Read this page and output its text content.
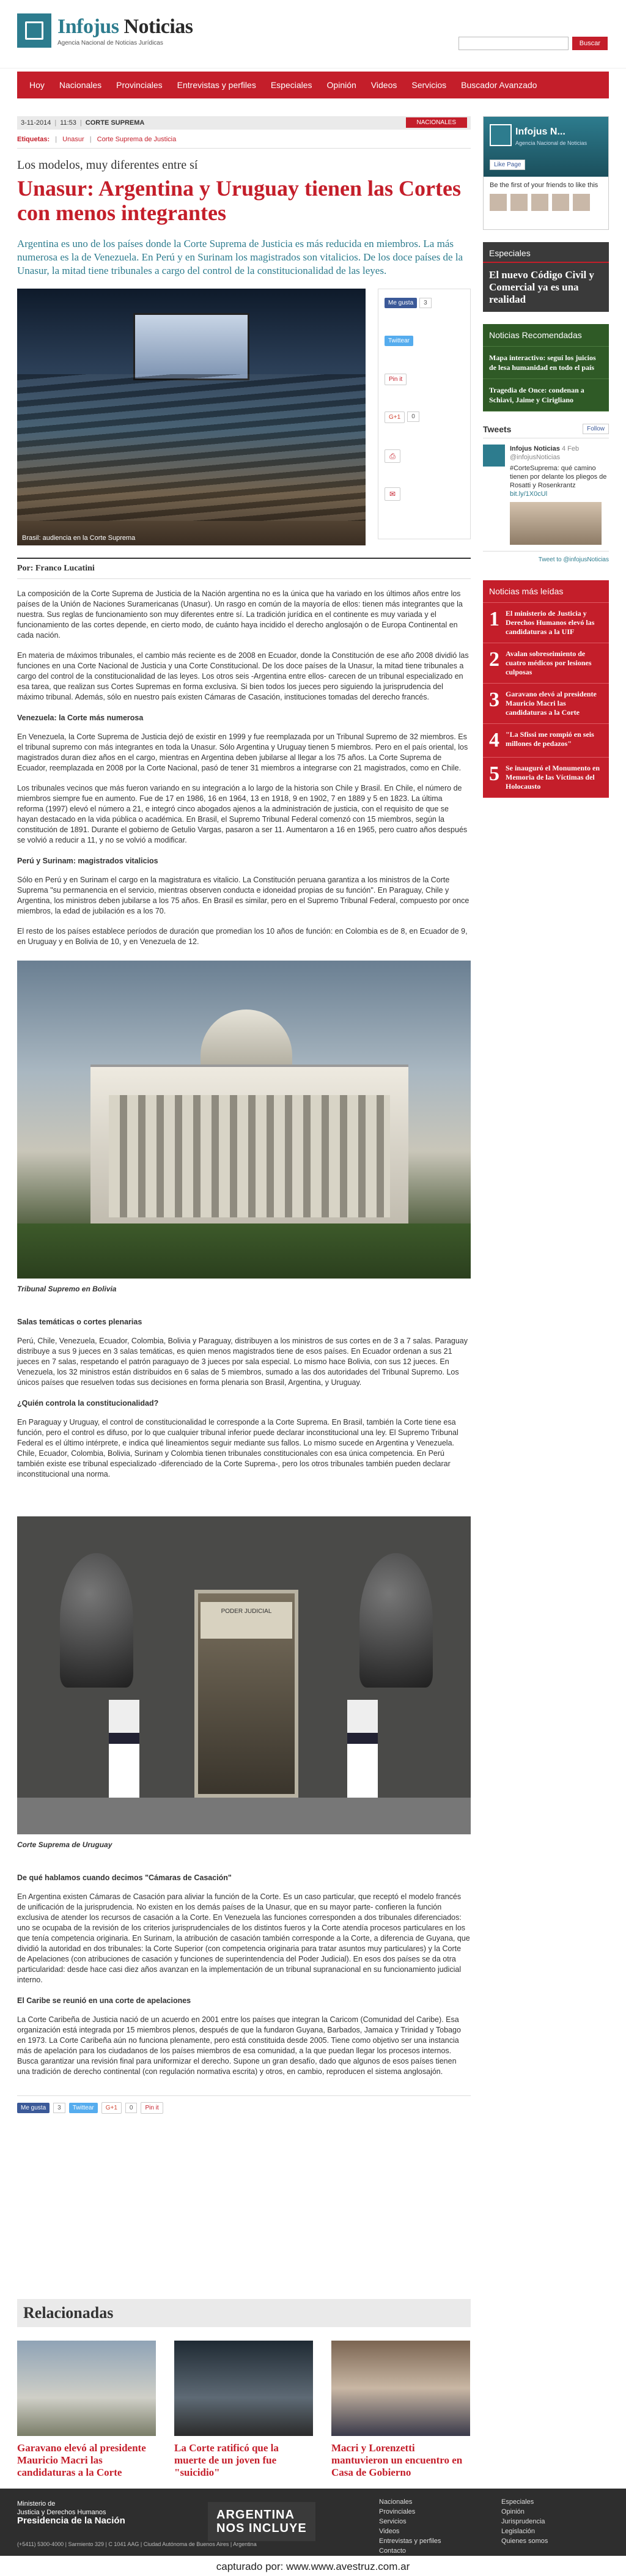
Infojus Noticias
Agencia Nacional de Noticias Jurídicas	Buscar
Hoy	Nacionales	Provinciales	Entrevistas y perfiles	Especiales	Opinión	Videos	Servicios	Buscador Avanzado
3-11-2014 | 11:53 | CORTE SUPREMA	NACIONALES
Etiquetas: | Unasur | Corte Suprema de Justicia
Los modelos, muy diferentes entre sí
Unasur: Argentina y Uruguay tienen las Cortes con menos integrantes
Argentina es uno de los países donde la Corte Suprema de Justicia es más reducida en miembros. La más numerosa es la de Venezuela. En Perú y en Surinam los magistrados son vitalicios. De los doce países de la Unasur, la mitad tiene tribunales a cargo del control de la constitucionalidad de las leyes.
Brasil: audiencia en la Corte Suprema
Me gusta	3
Twittear
Pin it
G+1	0
⎙
✉
Por: Franco Lucatini

La composición de la Corte Suprema de Justicia de la Nación argentina no es la única que ha variado en los últimos años entre los países de la Unión de Naciones Suramericanas (Unasur). Un rasgo en común de la mayoría de ellos: tienen más integrantes que la nuestra. Sus reglas de funcionamiento son muy diferentes entre sí. La tradición jurídica en el continente es muy variada y el funcionamiento de las cortes depende, en cierto modo, de cuánto haya incidido el derecho anglosajón o de Europa Continental en cada nación.

En materia de máximos tribunales, el cambio más reciente es de 2008 en Ecuador, donde la Constitución de ese año 2008 dividió las funciones en una Corte Nacional de Justicia y una Corte Constitucional. De los doce países de la Unasur, la mitad tiene tribunales a cargo del control de la constitucionalidad de las leyes. Los otros seis -Argentina entre ellos- carecen de un tribunal especializado en esa tarea, que realizan sus Cortes Supremas en forma exclusiva. Si bien todos los jueces pero siguiendo la jurisprudencia del máximo tribunal. Además, sólo en nuestro país existen Cámaras de Casación, instituciones tomadas del derecho francés.

Venezuela: la Corte más numerosa

En Venezuela, la Corte Suprema de Justicia dejó de existir en 1999 y fue reemplazada por un Tribunal Supremo de 32 miembros. Es el tribunal supremo con más integrantes en toda la Unasur. Sólo Argentina y Uruguay tienen 5 miembros. Pero en el país oriental, los magistrados duran diez años en el cargo, mientras en Argentina deben jubilarse al llegar a los 75 años. La Corte Suprema de Ecuador, reemplazada en 2008 por la Corte Nacional, pasó de tener 31 miembros a integrarse con 21 magistrados, como en Chile.

Los tribunales vecinos que más fueron variando en su integración a lo largo de la historia son Chile y Brasil. En Chile, el número de miembros siempre fue en aumento. Fue de 17 en 1986, 16 en 1964, 13 en 1918, 9 en 1902, 7 en 1889 y 5 en 1823. La última reforma (1997) elevó el número a 21, e integró cinco abogados ajenos a la administración de justicia, con el requisito de que se hayan destacado en la vida pública o académica. En Brasil, el Supremo Tribunal Federal comenzó con 15 miembros, según la constitución de 1891. Durante el gobierno de Getulio Vargas, pasaron a ser 11. Aumentaron a 16 en 1965, pero cuatro años después se volvió a reducir a 11, y no se volvió a modificar.

Perú y Surinam: magistrados vitalicios

Sólo en Perú y en Surinam el cargo en la magistratura es vitalicio. La Constitución peruana garantiza a los ministros de la Corte Suprema "su permanencia en el servicio, mientras observen conducta e idoneidad propias de su función". En Paraguay, Chile y Argentina, los ministros deben jubilarse a los 75 años. En Brasil es similar, pero en el Supremo Tribunal Federal, compuesto por once miembros, la edad de jubilación es a los 70.

El resto de los países establece períodos de duración que promedian los 10 años de función: en Colombia es de 8, en Ecuador de 9, en Uruguay y en Bolivia de 10, y en Venezuela de 12.

Tribunal Supremo en Bolivia
Salas temáticas o cortes plenarias

Perú, Chile, Venezuela, Ecuador, Colombia, Bolivia y Paraguay, distribuyen a los ministros de sus cortes en de 3 a 7 salas. Paraguay distribuye a sus 9 jueces en 3 salas temáticas, es quien menos magistrados tiene de esos países. En Ecuador ordenan a sus 21 jueces en 7 salas, respetando el patrón paraguayo de 3 jueces por sala especial. Lo mismo hace Bolivia, con sus 12 jueces. En Venezuela, los 32 ministros están distribuidos en 6 salas de 5 miembros, sumado a las dos autoridades del Tribunal Supremo. Los únicos países que resuelven todas sus decisiones en forma plenaria son Brasil, Argentina, y Uruguay.

¿Quién controla la constitucionalidad?

En Paraguay y Uruguay, el control de constitucionalidad le corresponde a la Corte Suprema. En Brasil, también la Corte tiene esa función, pero el control es difuso, por lo que cualquier tribunal inferior puede declarar inconstitucional una ley. El Supremo Tribunal Federal es el último intérprete, e indica qué lineamientos seguir mediante sus fallos. Lo mismo sucede en Argentina y Venezuela. Chile, Ecuador, Colombia, Bolivia, Surinam y Colombia tienen tribunales constitucionales con esa única competencia. En Perú también existe ese tribunal especializado -diferenciado de la Corte Suprema-, pero los otros tribunales también pueden declarar inconstitucional una norma.

PODER JUDICIAL
Corte Suprema de Uruguay
De qué hablamos cuando decimos "Cámaras de Casación"

En Argentina existen Cámaras de Casación para aliviar la función de la Corte. Es un caso particular, que receptó el modelo francés de unificación de la jurisprudencia. No existen en los demás países de la Unasur, que en su mayor parte- confieren la función exclusiva de atender los recursos de casación a la Corte. En Venezuela las funciones corresponden a dos tribunales diferenciados: uno se ocupaba de la revisión de los criterios jurisprudenciales de los distintos fueros y la Corte atendía procesos particulares en los que tenía competencia originaria. En Surinam, la atribución de casación también corresponde a la Corte, a diferencia de Guyana, que dividió la autoridad en dos tribunales: la Corte Superior (con competencia originaria para tratar asuntos muy particulares) y la Corte de Apelaciones (con atribuciones de casación y funciones de superintendencia del Poder Judicial). En esos dos países se da otra particularidad: desde hace casi diez años avanzan en la implementación de un tribunal supranacional en su funcionamiento judicial interno.

El Caribe se reunió en una corte de apelaciones

La Corte Caribeña de Justicia nació de un acuerdo en 2001 entre los países que integran la Caricom (Comunidad del Caribe). Esa organización está integrada por 15 miembros plenos, después de que la fundaron Guyana, Barbados, Jamaica y Trinidad y Tobago en 1973. La Corte Caribeña aún no funciona plenamente, pero está constituida desde 2005. Tiene como objetivo ser una instancia más de apelación para los ciudadanos de los países miembros de esa comunidad, a la que puedan llegar los procesos internos. Busca garantizar una revisión final para uniformizar el derecho. Supone un gran desafío, dado que algunos de esos países tienen una tradición de derecho continental (con regulación normativa escrita) y otros, en cambio, reproducen el sistema anglosajón.

Me gusta	3	Twittear	G+1	0	Pin it
Relacionadas
Garavano elevó al presidente Mauricio Macri las candidaturas a la Corte
La Corte ratificó que la muerte de un joven fue "suicidio"
Macri y Lorenzetti mantuvieron un encuentro en Casa de Gobierno
Infojus N...
Agencia Nacional de Noticias
Like Page
Be the first of your friends to like this
Especiales
El nuevo Código Civil y Comercial ya es una realidad
Noticias Recomendadas
Mapa interactivo: seguí los juicios de lesa humanidad en todo el país
Tragedia de Once: condenan a Schiavi, Jaime y Cirigliano
Tweets	Follow
Infojus Noticias 4 Feb
@infojusNoticias
#CorteSuprema: qué camino tienen por delante los pliegos de Rosatti y Rosenkrantz bit.ly/1X0cUl
Tweet to @infojusNoticias
Noticias más leídas
1 El ministerio de Justicia y Derechos Humanos elevó las candidaturas a la UIF
2 Avalan sobreseimiento de cuatro médicos por lesiones culposas
3 Garavano elevó al presidente Mauricio Macri las candidaturas a la Corte
4 "La Sfissi me rompió en seis millones de pedazos"
5 Se inauguró el Monumento en Memoria de las Víctimas del Holocausto
Ministerio de
Justicia y Derechos Humanos
Presidencia de la Nación
(+5411) 5300-4000 | Sarmiento 329 | C 1041 AAG | Ciudad Autónoma de Buenos Aires | Argentina
ARGENTINA
NOS INCLUYE
Nacionales	Especiales
Provinciales	Opinión
Servicios	Jurisprudencia
Videos	Legislación
Entrevistas y perfiles	Quienes somos
Contacto
capturado por: www.www.avestruz.com.ar
